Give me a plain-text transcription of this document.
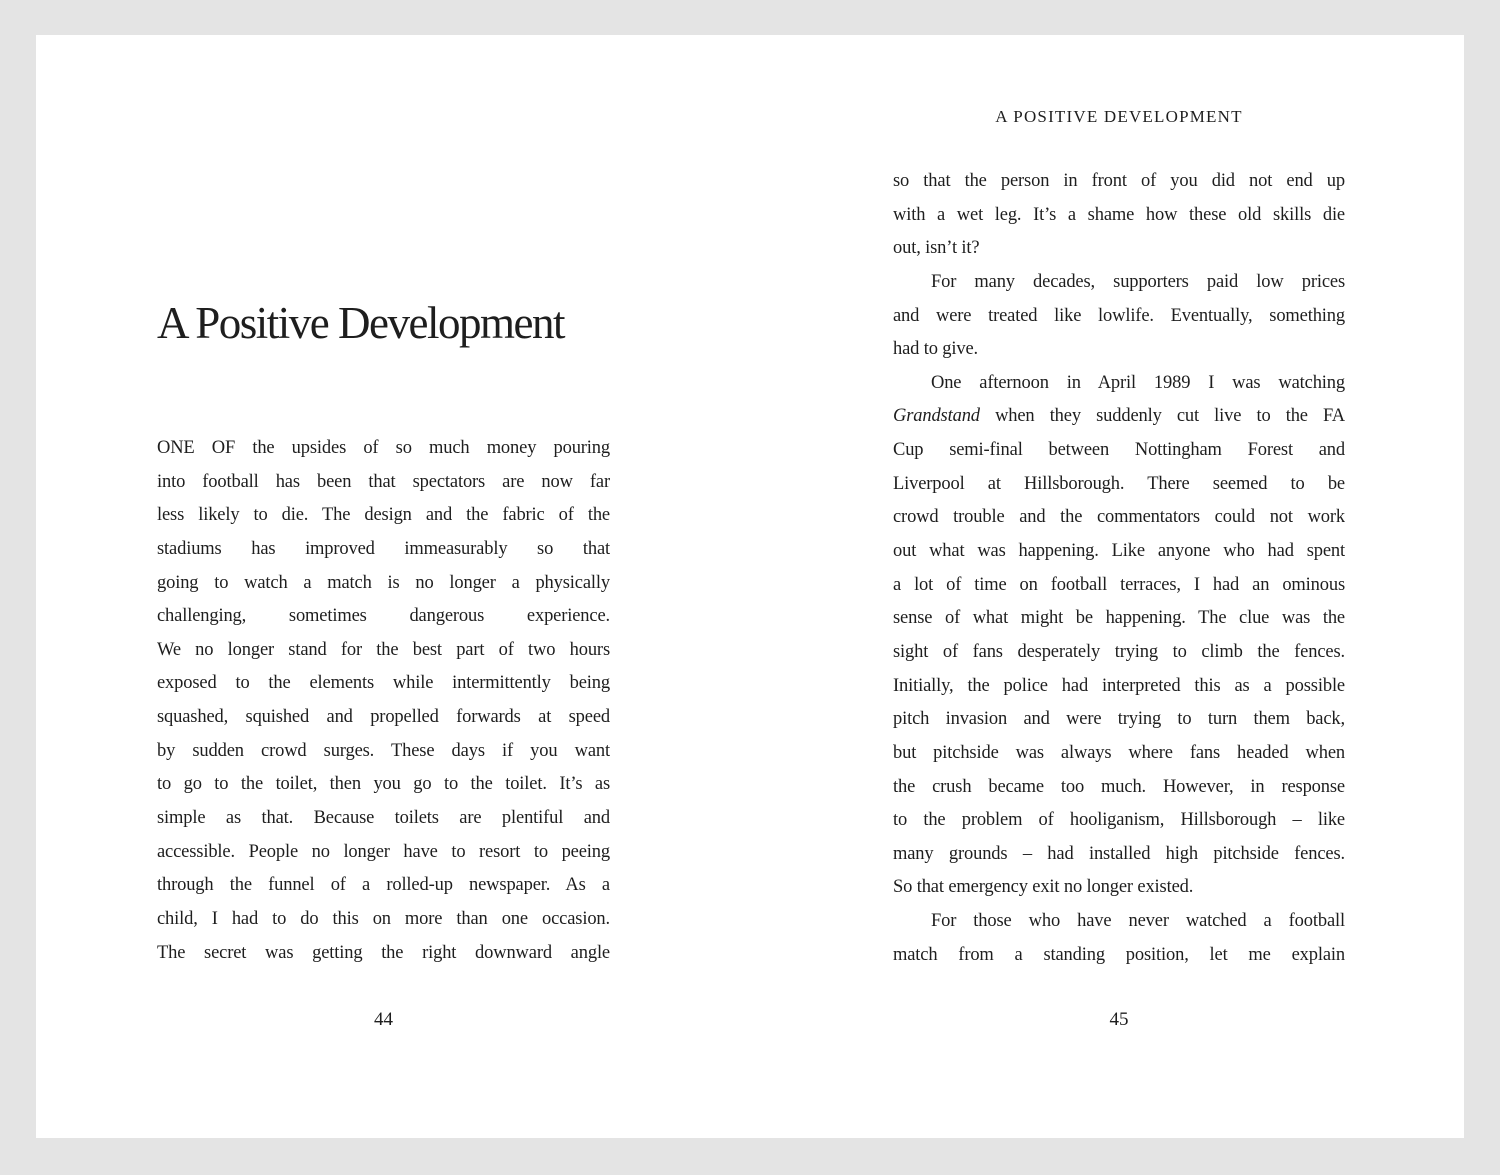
A Positive Development
ONE OF the upsides of so much money pouring
into football has been that spectators are now far
less likely to die. The design and the fabric of the
stadiums has improved immeasurably so that
going to watch a match is no longer a physically
challenging, sometimes dangerous experience.
We no longer stand for the best part of two hours
exposed to the elements while intermittently being
squashed, squished and propelled forwards at speed
by sudden crowd surges. These days if you want
to go to the toilet, then you go to the toilet. It’s as
simple as that. Because toilets are plentiful and
accessible. People no longer have to resort to peeing
through the funnel of a rolled-up newspaper. As a
child, I had to do this on more than one occasion.
The secret was getting the right downward angle
44
A POSITIVE DEVELOPMENT
so that the person in front of you did not end up
with a wet leg. It’s a shame how these old skills die
out, isn’t it?
For many decades, supporters paid low prices
and were treated like lowlife. Eventually, something
had to give.
One afternoon in April 1989 I was watching
Grandstand when they suddenly cut live to the FA
Cup semi-final between Nottingham Forest and
Liverpool at Hillsborough. There seemed to be
crowd trouble and the commentators could not work
out what was happening. Like anyone who had spent
a lot of time on football terraces, I had an ominous
sense of what might be happening. The clue was the
sight of fans desperately trying to climb the fences.
Initially, the police had interpreted this as a possible
pitch invasion and were trying to turn them back,
but pitchside was always where fans headed when
the crush became too much. However, in response
to the problem of hooliganism, Hillsborough – like
many grounds – had installed high pitchside fences.
So that emergency exit no longer existed.
For those who have never watched a football
match from a standing position, let me explain
45
